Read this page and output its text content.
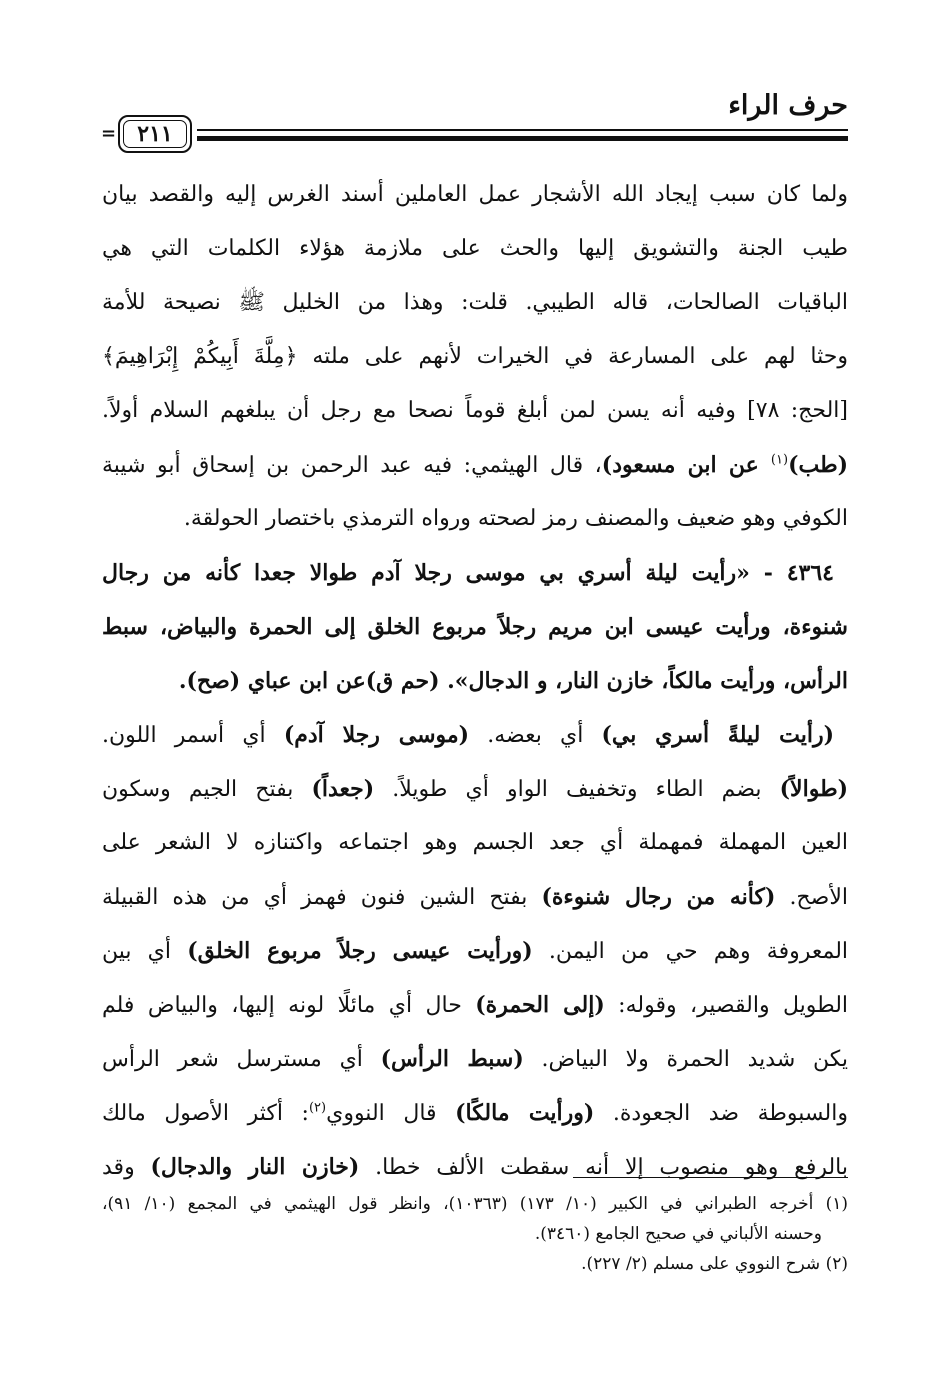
حرف الراء
٢١١
=
ولما كان سبب إيجاد الله الأشجار عمل العاملين أسند الغرس إليه والقصد بيان
طيب الجنة والتشويق إليها والحث على ملازمة هؤلاء الكلمات التي هي
الباقيات الصالحات، قاله الطيبي. قلت: وهذا من الخليل ﷺ نصيحة للأمة
وحثا لهم على المسارعة في الخيرات لأنهم على ملته ﴿مِلَّةَ أَبِيكُمْ إِبْرَاهِيمَ﴾
[الحج: ٧٨] وفيه أنه يسن لمن أبلغ قوماً نصحا مع رجل أن يبلغهم السلام أولاً.
(طب)$^{(١)}$ عن ابن مسعود)، قال الهيثمي: فيه عبد الرحمن بن إسحاق أبو شيبة
الكوفي وهو ضعيف والمصنف رمز لصحته ورواه الترمذي باختصار الحولقة.
٤٣٦٤ - «رأيت ليلة أسري بي موسى رجلا آدم طوالا جعدا كأنه من رجال
شنوءة، ورأيت عيسى ابن مريم رجلاً مربوع الخلق إلى الحمرة والبياض، سبط
الرأس، ورأيت مالكاً، خازن النار، و الدجال». (حم ق)عن ابن عباي (صح).
(رأيت ليلةً أسري بي) أي بعضه. (موسى رجلا آدم) أي أسمر اللون.
(طوالاً) بضم الطاء وتخفيف الواو أي طويلاً. (جعداً) بفتح الجيم وسكون
العين المهملة فمهملة أي جعد الجسم وهو اجتماعه واكتنازه لا الشعر على
الأصح. (كأنه من رجال شنوءة) بفتح الشين فنون فهمز أي من هذه القبيلة
المعروفة وهم حي من اليمن. (ورأيت عيسى رجلاً مربوع الخلق) أي بين
الطويل والقصير، وقوله: (إلى الحمرة) حال أي مائلًا لونه إليها، والبياض فلم
يكن شديد الحمرة ولا البياض. (سبط الرأس) أي مسترسل شعر الرأس
والسبوطة ضد الجعودة. (ورأيت مالكًا) قال النووي$^{(٢)}$: أكثر الأصول مالك
بالرفع وهو منصوب إلا أنه سقطت الألف خطا. (خازن النار والدجال) وقد
(١) أخرجه الطبراني في الكبير (١٠/ ١٧٣) (١٠٣٦٣)، وانظر قول الهيثمي في المجمع (١٠/ ٩١)،
وحسنه الألباني في صحيح الجامع (٣٤٦٠).
(٢) شرح النووي على مسلم (٢/ ٢٢٧).
